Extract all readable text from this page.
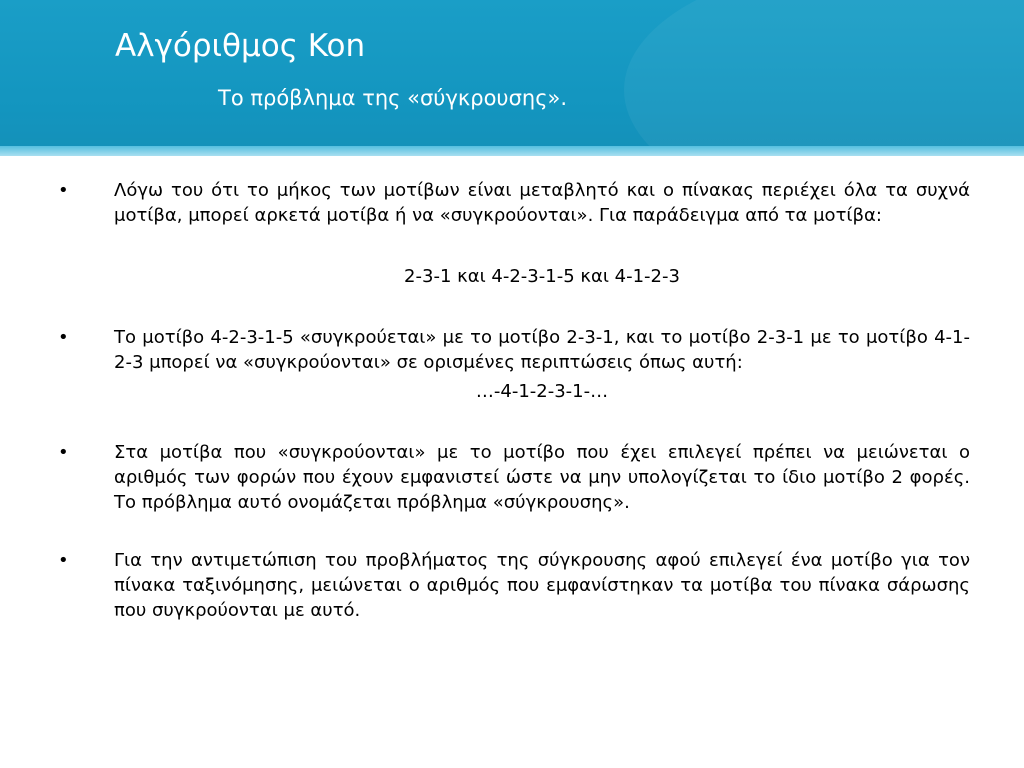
Αλγόριθμος Kon
Το πρόβλημα της «σύγκρουσης».
•	Λόγω του ότι το μήκος των μοτίβων είναι μεταβλητό και ο πίνακας περιέχει όλα τα συχνά μοτίβα, μπορεί αρκετά μοτίβα ή να «συγκρούονται». Για παράδειγμα από τα μοτίβα:
2-3-1 και 4-2-3-1-5 και 4-1-2-3
•	Το μοτίβο 4-2-3-1-5 «συγκρούεται» με το μοτίβο 2-3-1, και το μοτίβο 2-3-1 με το μοτίβο 4-1-2-3 μπορεί να «συγκρούονται» σε ορισμένες περιπτώσεις όπως αυτή:
…-4-1-2-3-1-…
•	Στα μοτίβα που «συγκρούονται» με το μοτίβο που έχει επιλεγεί πρέπει να μειώνεται ο αριθμός των φορών που έχουν εμφανιστεί ώστε να μην υπολογίζεται το ίδιο μοτίβο 2 φορές. Το πρόβλημα αυτό ονομάζεται πρόβλημα «σύγκρουσης».
•	Για την αντιμετώπιση του προβλήματος της σύγκρουσης αφού επιλεγεί ένα μοτίβο για τον πίνακα ταξινόμησης, μειώνεται ο αριθμός που εμφανίστηκαν τα μοτίβα του πίνακα σάρωσης που συγκρούονται με αυτό.
